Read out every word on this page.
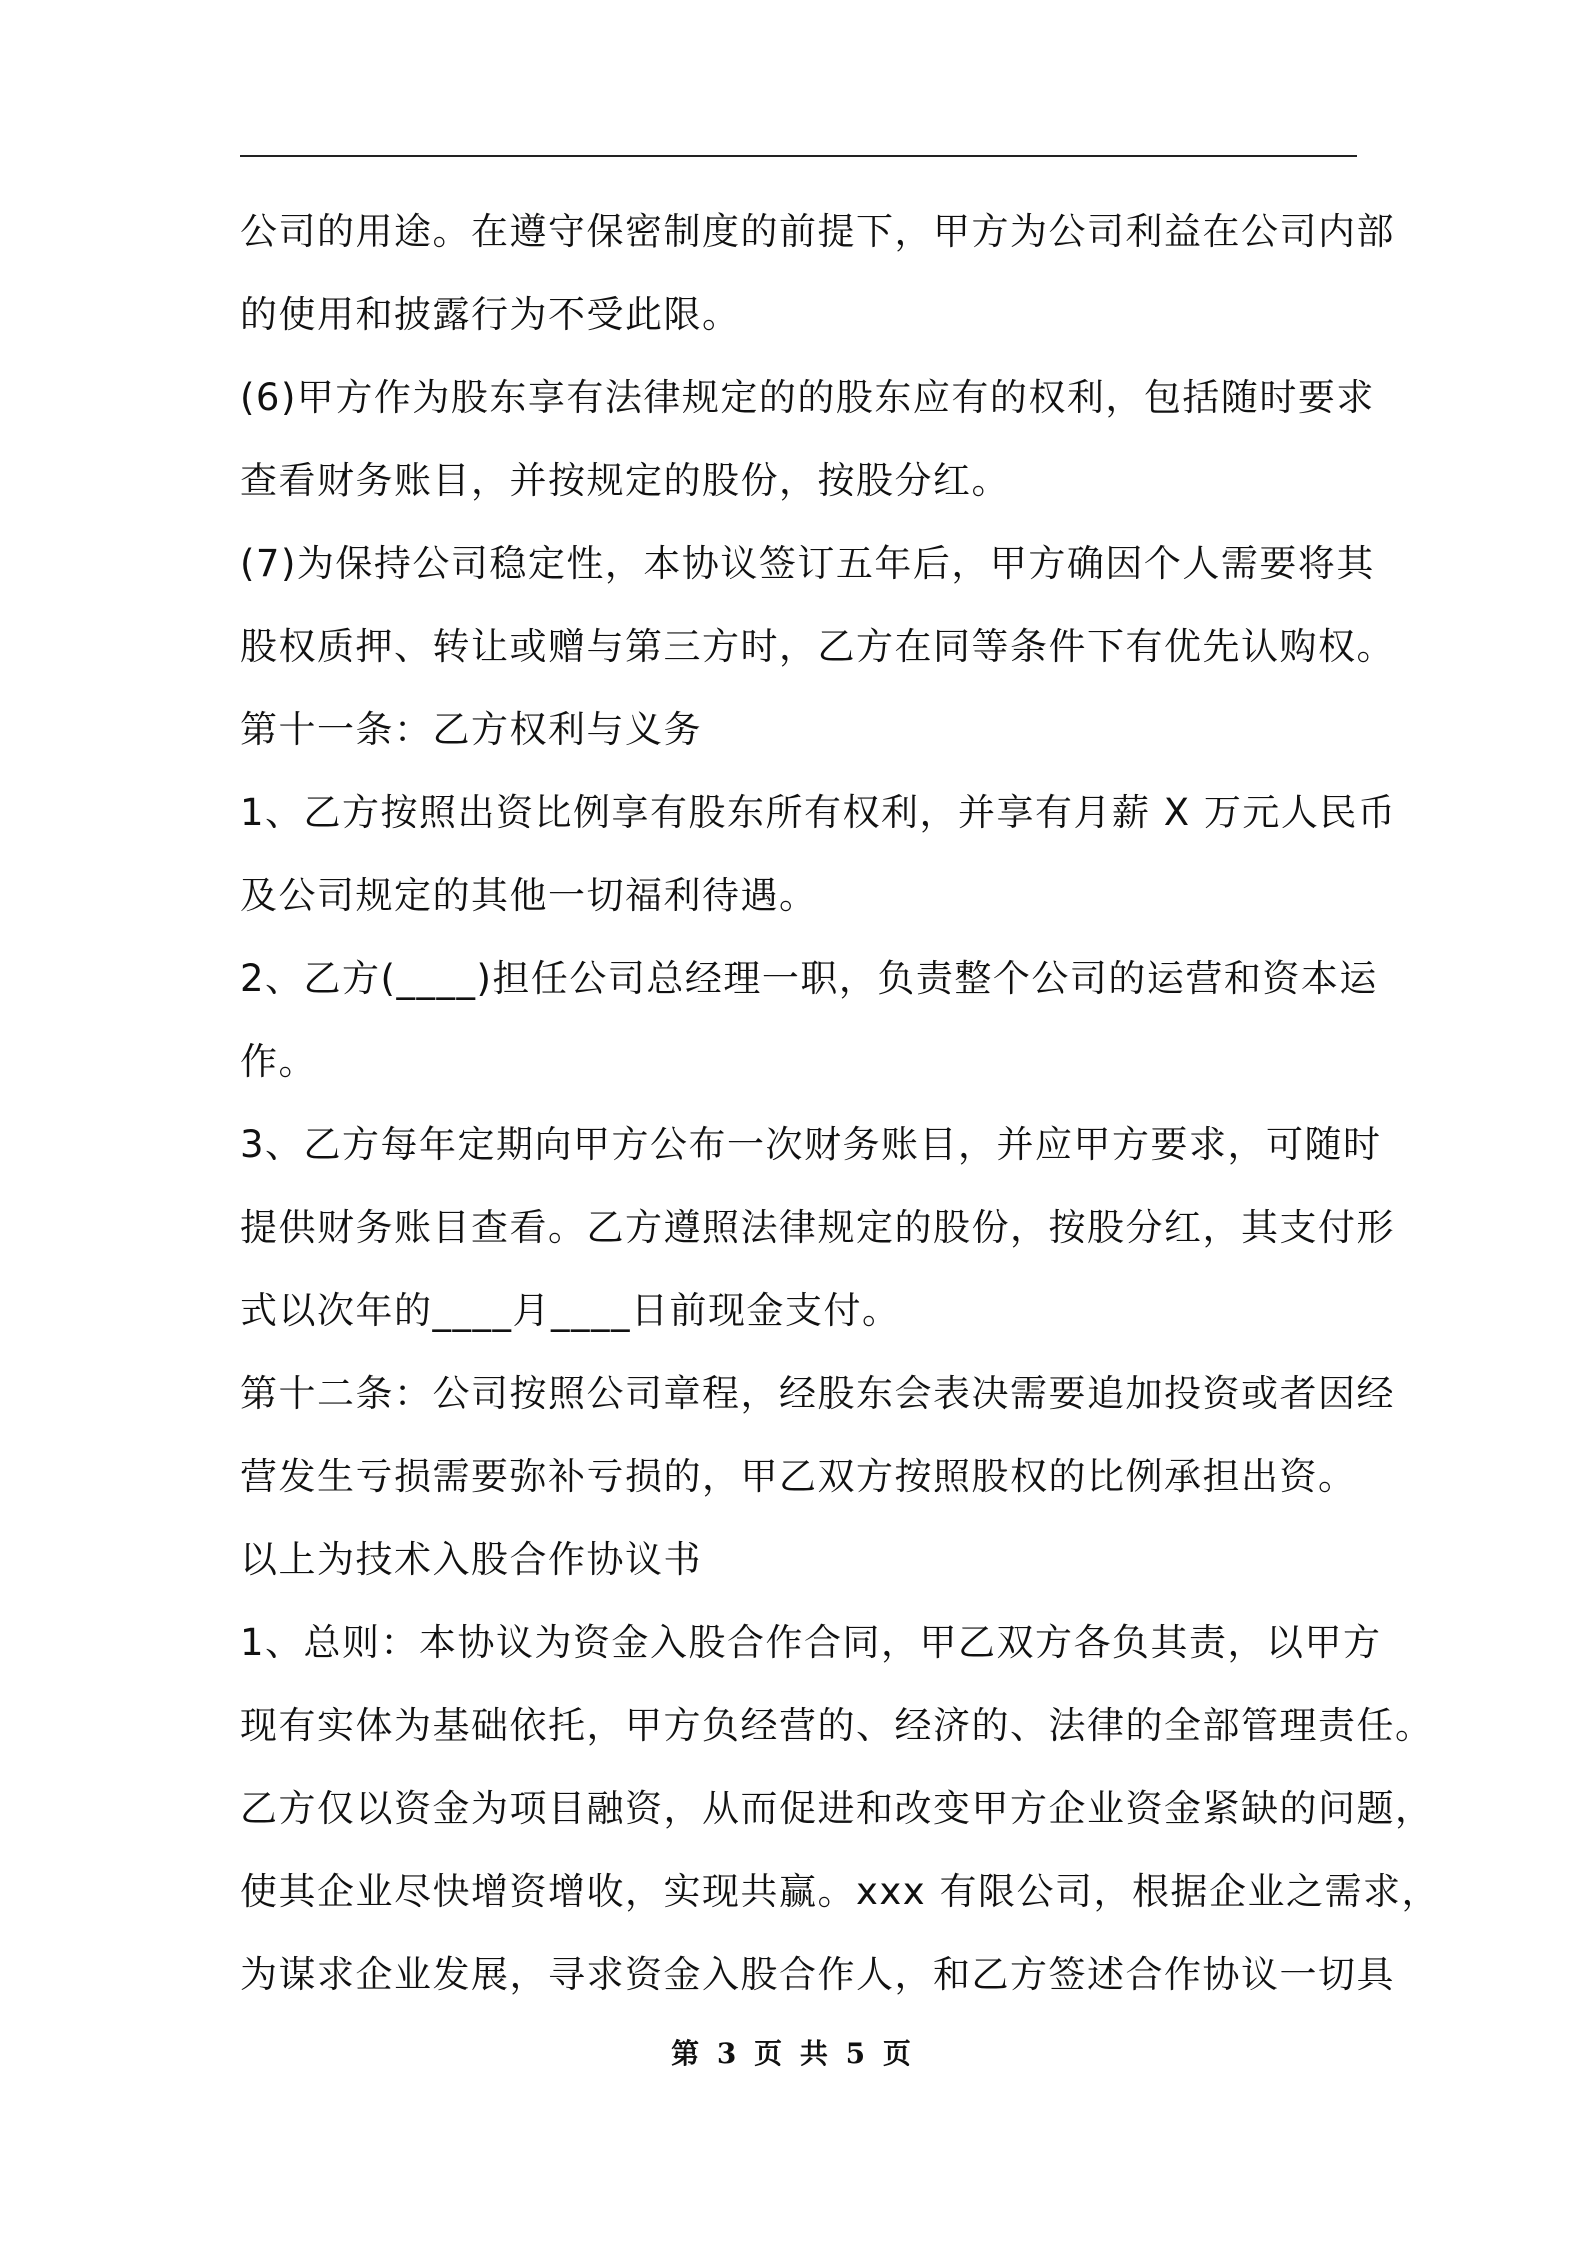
公司的用途。在遵守保密制度的前提下，甲方为公司利益在公司内部
的使用和披露行为不受此限。
(6)甲方作为股东享有法律规定的的股东应有的权利，包括随时要求
查看财务账目，并按规定的股份，按股分红。
(7)为保持公司稳定性，本协议签订五年后，甲方确因个人需要将其
股权质押、转让或赠与第三方时，乙方在同等条件下有优先认购权。
第十一条：乙方权利与义务
1、乙方按照出资比例享有股东所有权利，并享有月薪 X 万元人民币
及公司规定的其他一切福利待遇。
2、乙方(____)担任公司总经理一职，负责整个公司的运营和资本运
作。
3、乙方每年定期向甲方公布一次财务账目，并应甲方要求，可随时
提供财务账目查看。乙方遵照法律规定的股份，按股分红，其支付形
式以次年的____月____日前现金支付。
第十二条：公司按照公司章程，经股东会表决需要追加投资或者因经
营发生亏损需要弥补亏损的，甲乙双方按照股权的比例承担出资。
以上为技术入股合作协议书
1、总则：本协议为资金入股合作合同，甲乙双方各负其责，以甲方
现有实体为基础依托，甲方负经营的、经济的、法律的全部管理责任。
乙方仅以资金为项目融资，从而促进和改变甲方企业资金紧缺的问题，
使其企业尽快增资增收，实现共赢。xxx 有限公司，根据企业之需求，
为谋求企业发展，寻求资金入股合作人，和乙方签述合作协议一切具
第 3 页 共 5 页
